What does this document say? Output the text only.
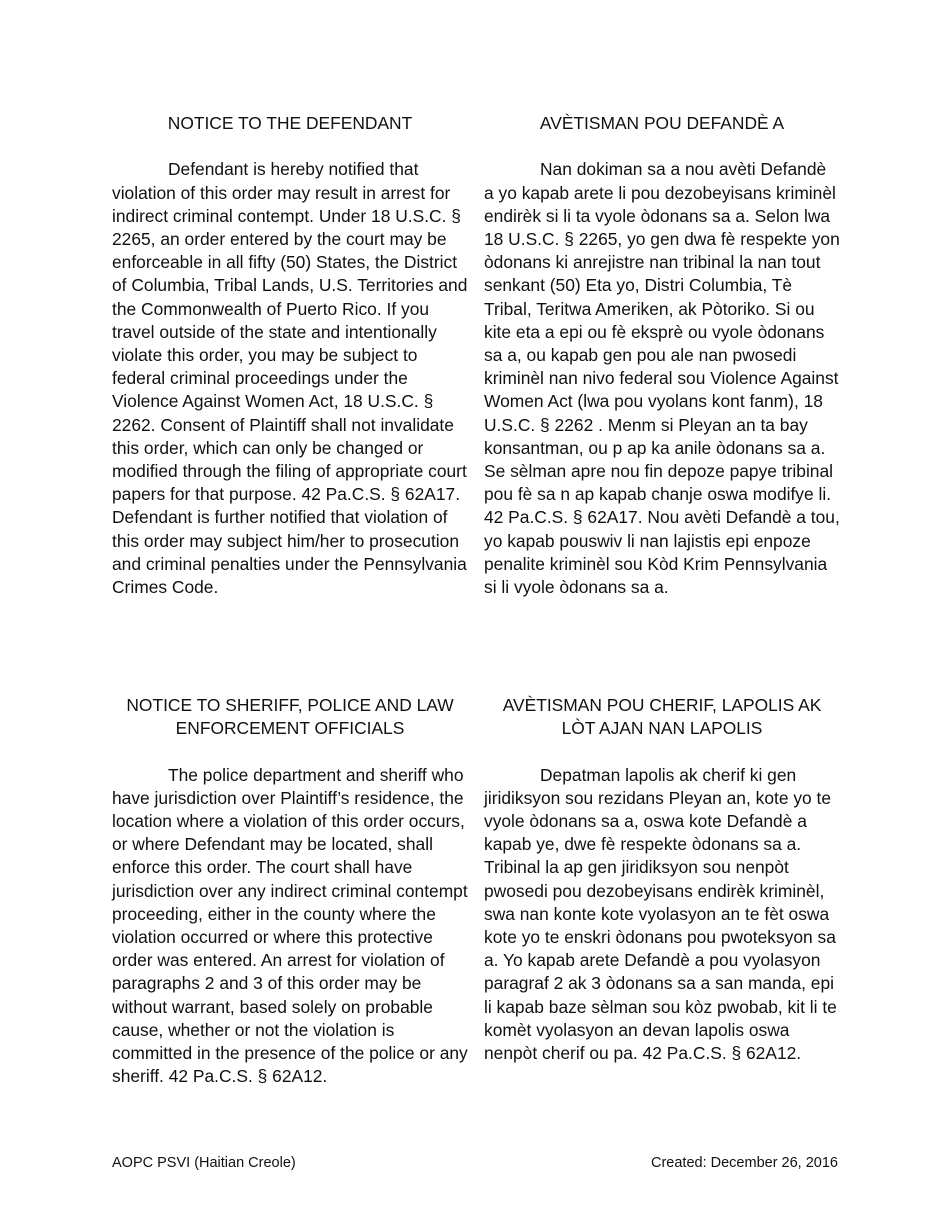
NOTICE TO THE DEFENDANT

Defendant is hereby notified that violation of this order may result in arrest for indirect criminal contempt. Under 18 U.S.C. § 2265, an order entered by the court may be enforceable in all fifty (50) States, the District of Columbia, Tribal Lands, U.S. Territories and the Commonwealth of Puerto Rico. If you travel outside of the state and intentionally violate this order, you may be subject to federal criminal proceedings under the Violence Against Women Act, 18 U.S.C. § 2262. Consent of Plaintiff shall not invalidate this order, which can only be changed or modified through the filing of appropriate court papers for that purpose. 42 Pa.C.S. § 62A17. Defendant is further notified that violation of this order may subject him/her to prosecution and criminal penalties under the Pennsylvania Crimes Code.

AVÈTISMAN POU DEFANDÈ A

Nan dokiman sa a nou avèti Defandè a yo kapab arete li pou dezobeyisans kriminèl endirèk si li ta vyole òdonans sa a. Selon lwa 18 U.S.C. § 2265, yo gen dwa fè respekte yon òdonans ki anrejistre nan tribinal la nan tout senkant (50) Eta yo, Distri Columbia, Tè Tribal, Teritwa Ameriken, ak Pòtoriko. Si ou kite eta a epi ou fè eksprè ou vyole òdonans sa a, ou kapab gen pou ale nan pwosedi kriminèl nan nivo federal sou Violence Against Women Act (lwa pou vyolans kont fanm), 18 U.S.C. § 2262 . Menm si Pleyan an ta bay konsantman, ou p ap ka anile òdonans sa a. Se sèlman apre nou fin depoze papye tribinal pou fè sa n ap kapab chanje oswa modifye li. 42 Pa.C.S. § 62A17. Nou avèti Defandè a tou, yo kapab pouswiv li nan lajistis epi enpoze penalite kriminèl sou Kòd Krim Pennsylvania si li vyole òdonans sa a.

NOTICE TO SHERIFF, POLICE AND LAW ENFORCEMENT OFFICIALS

The police department and sheriff who have jurisdiction over Plaintiff’s residence, the location where a violation of this order occurs, or where Defendant may be located, shall enforce this order. The court shall have jurisdiction over any indirect criminal contempt proceeding, either in the county where the violation occurred or where this protective order was entered. An arrest for violation of paragraphs 2 and 3 of this order may be without warrant, based solely on probable cause, whether or not the violation is committed in the presence of the police or any sheriff. 42 Pa.C.S. § 62A12.

AVÈTISMAN POU CHERIF, LAPOLIS AK LÒT AJAN NAN LAPOLIS

Depatman lapolis ak cherif ki gen jiridiksyon sou rezidans Pleyan an, kote yo te vyole òdonans sa a, oswa kote Defandè a kapab ye, dwe fè respekte òdonans sa a. Tribinal la ap gen jiridiksyon sou nenpòt pwosedi pou dezobeyisans endirèk kriminèl, swa nan konte kote vyolasyon an te fèt oswa kote yo te enskri òdonans pou pwoteksyon sa a. Yo kapab arete Defandè a pou vyolasyon paragraf 2 ak 3 òdonans sa a san manda, epi li kapab baze sèlman sou kòz pwobab, kit li te komèt vyolasyon an devan lapolis oswa nenpòt cherif ou pa. 42 Pa.C.S. § 62A12.

AOPC PSVI (Haitian Creole)	Created: December 26, 2016
